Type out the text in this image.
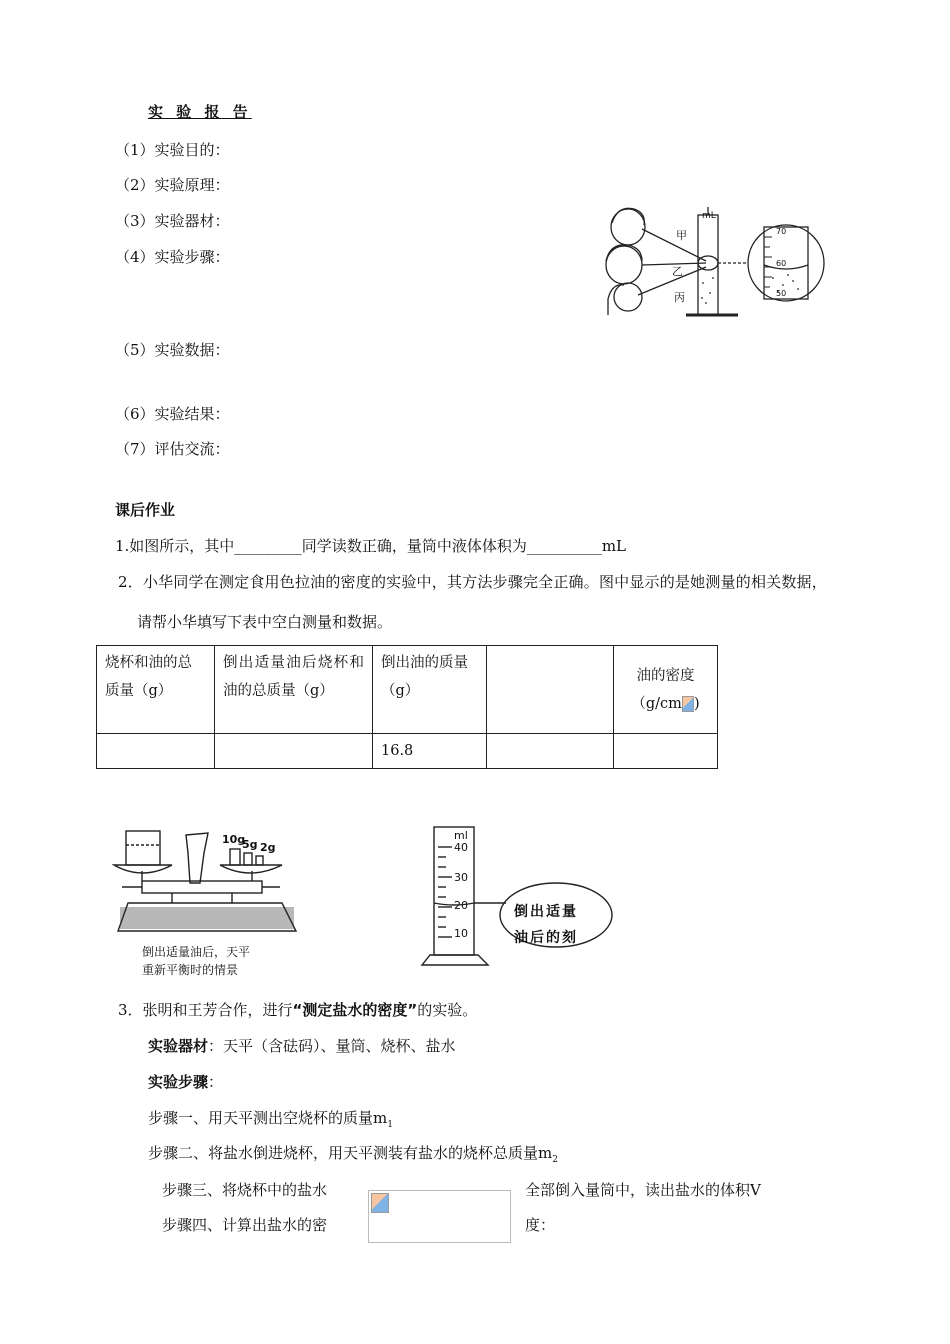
实 验 报 告
（1）实验目的：
（2）实验原理：
（3）实验器材：
（4）实验步骤：
（5）实验数据：
（6）实验结果：
（7）评估交流：
mL
甲
乙
丙
70
60
50
课后作业
1.如图所示，其中_________同学读数正确，量筒中液体体积为__________mL
2．小华同学在测定食用色拉油的密度的实验中，其方法步骤完全正确。图中显示的是她测量的相关数据，
请帮小华填写下表中空白测量和数据。
烧杯和油的总质量（g）	倒出适量油后烧杯和油的总质量（g）	倒出油的质量（g）		油的密度（g/cm )
		16.8		
10g
5g 2g
倒出适量油后，天平
重新平衡时的情景
ml
40
30
20
10
倒出适量
油后的刻
3．张明和王芳合作，进行“测定盐水的密度”的实验。
实验器材：天平（含砝码）、量筒、烧杯、盐水
实验步骤：
步骤一、用天平测出空烧杯的质量$m_1$
步骤二、将盐水倒进烧杯，用天平测装有盐水的烧杯总质量$m_2$
步骤三、将烧杯中的盐水	全部倒入量筒中，读出盐水的体积V
步骤四、计算出盐水的密	度：
